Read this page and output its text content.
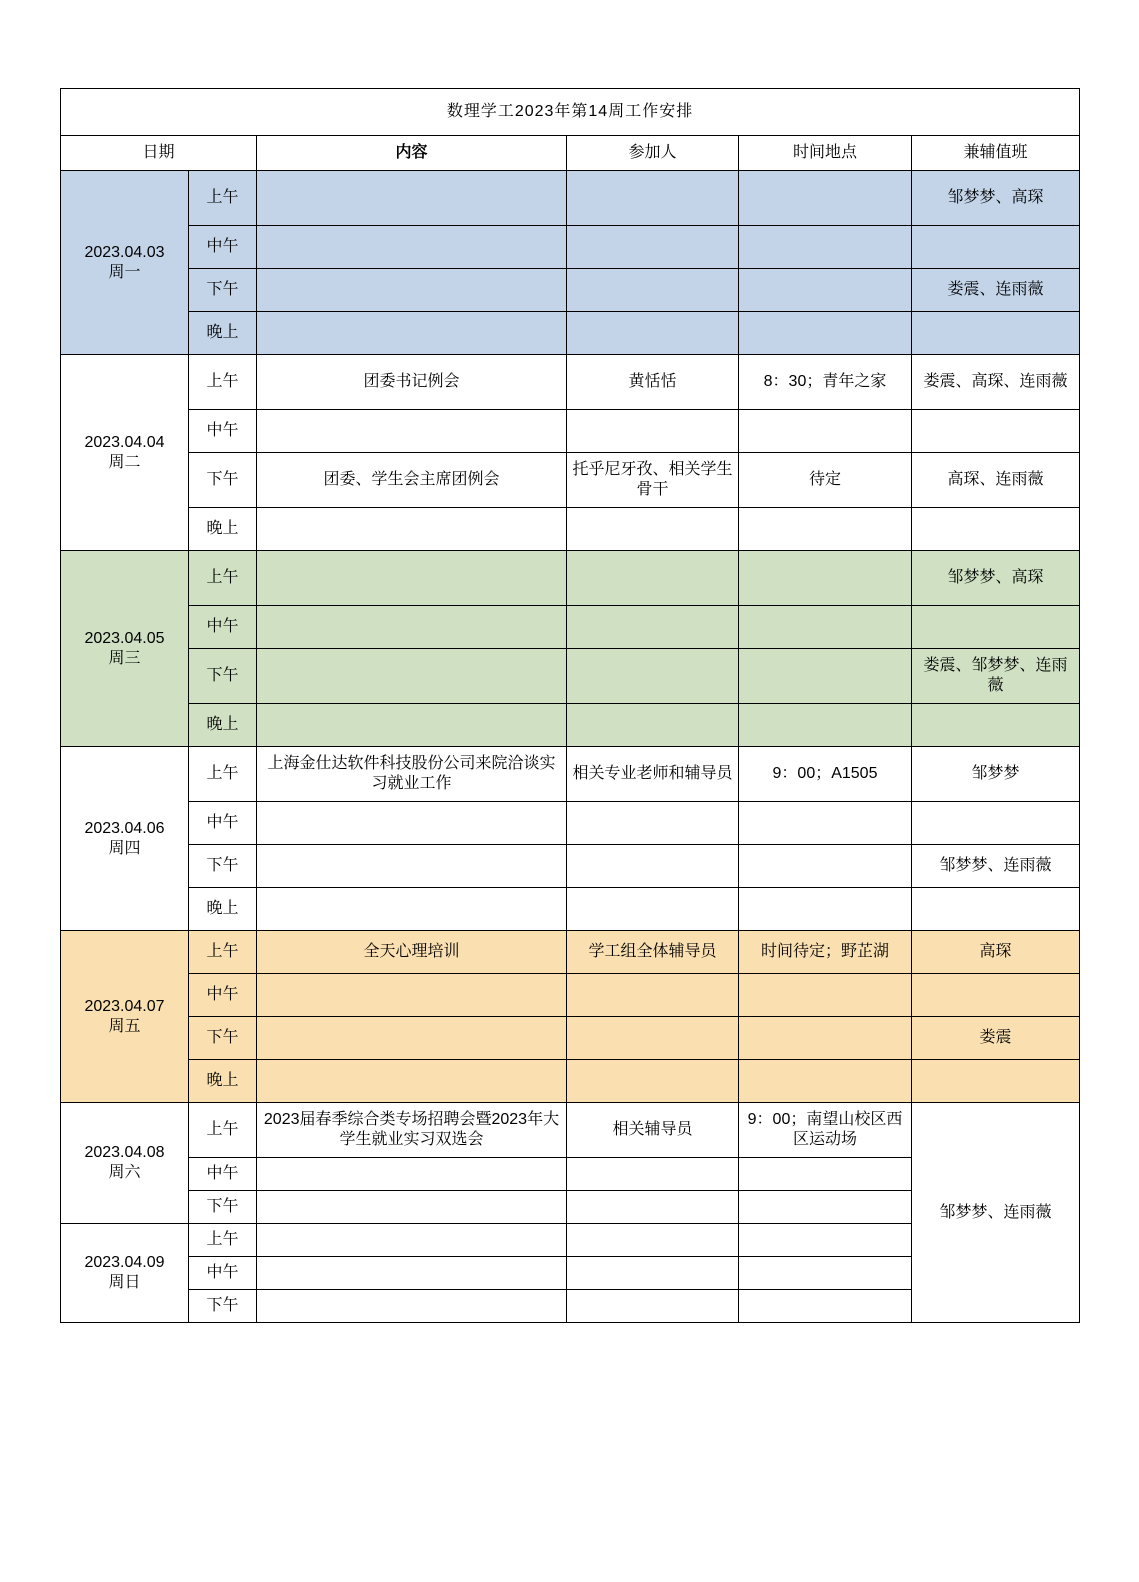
数理学工2023年第14周工作安排					
日期		内容	参加人	时间地点	兼辅值班
2023.04.03
周一	上午				邹梦梦、高琛
	中午				
	下午				娄震、连雨薇
	晚上				
2023.04.04
周二	上午	团委书记例会	黄恬恬	8：30；青年之家	娄震、高琛、连雨薇
	中午				
	下午	团委、学生会主席团例会	托乎尼牙孜、相关学生骨干	待定	高琛、连雨薇
	晚上				
2023.04.05
周三	上午				邹梦梦、高琛
	中午				
	下午				娄震、邹梦梦、连雨薇
	晚上				
2023.04.06
周四	上午	上海金仕达软件科技股份公司来院洽谈实习就业工作	相关专业老师和辅导员	9：00；A1505	邹梦梦
	中午				
	下午				邹梦梦、连雨薇
	晚上				
2023.04.07
周五	上午	全天心理培训	学工组全体辅导员	时间待定；野芷湖	高琛
	中午				
	下午				娄震
	晚上				
2023.04.08
周六	上午	2023届春季综合类专场招聘会暨2023年大学生就业实习双选会	相关辅导员	9：00；南望山校区西区运动场	邹梦梦、连雨薇
	中午				
	下午				
2023.04.09
周日	上午				
	中午				
	下午				
